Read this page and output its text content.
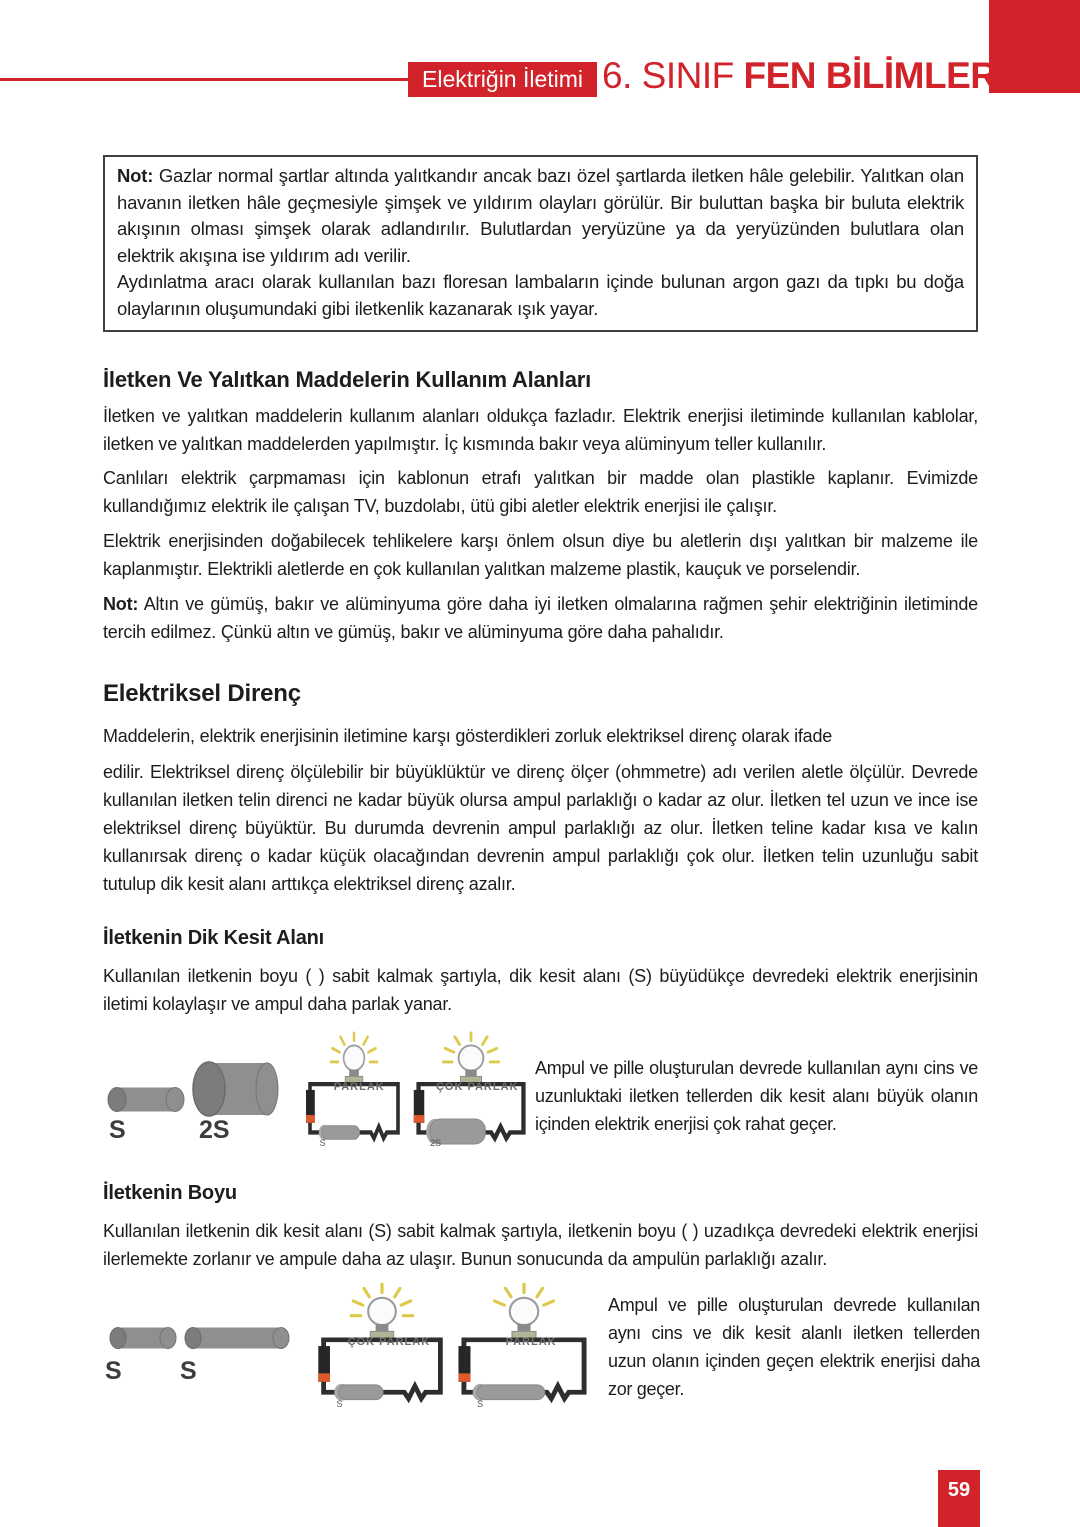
Elektriğin İletimi 6. SINIF FEN BİLİMLERİ

Not: Gazlar normal şartlar altında yalıtkandır ancak bazı özel şartlarda iletken hâle gelebilir. Yalıtkan olan havanın iletken hâle geçmesiyle şimşek ve yıldırım olayları görülür. Bir buluttan başka bir buluta elektrik akışının olması şimşek olarak adlandırılır. Bulutlardan yeryüzüne ya da yeryüzünden bulutlara olan elektrik akışına ise yıldırım adı verilir.

Aydınlatma aracı olarak kullanılan bazı floresan lambaların içinde bulunan argon gazı da tıpkı bu doğa olaylarının oluşumundaki gibi iletkenlik kazanarak ışık yayar.

İletken Ve Yalıtkan Maddelerin Kullanım Alanları

İletken ve yalıtkan maddelerin kullanım alanları oldukça fazladır. Elektrik enerjisi iletiminde kullanılan kablolar, iletken ve yalıtkan maddelerden yapılmıştır. İç kısmında bakır veya alüminyum teller kullanılır.

Canlıları elektrik çarpmaması için kablonun etrafı yalıtkan bir madde olan plastikle kaplanır. Evimizde kullandığımız elektrik ile çalışan TV, buzdolabı, ütü gibi aletler elektrik enerjisi ile çalışır.

Elektrik enerjisinden doğabilecek tehlikelere karşı önlem olsun diye bu aletlerin dışı yalıtkan bir malzeme ile kaplanmıştır. Elektrikli aletlerde en çok kullanılan yalıtkan malzeme plastik, kauçuk ve porselendir.

Not: Altın ve gümüş, bakır ve alüminyuma göre daha iyi iletken olmalarına rağmen şehir elektriğinin iletiminde tercih edilmez. Çünkü altın ve gümüş, bakır ve alüminyuma göre daha pahalıdır.

Elektriksel Direnç

Maddelerin, elektrik enerjisinin iletimine karşı gösterdikleri zorluk elektriksel direnç olarak ifade

edilir. Elektriksel direnç ölçülebilir bir büyüklüktür ve direnç ölçer (ohmmetre) adı verilen aletle ölçülür. Devrede kullanılan iletken telin direnci ne kadar büyük olursa ampul parlaklığı o kadar az olur. İletken tel uzun ve ince ise elektriksel direnç büyüktür. Bu durumda devrenin ampul parlaklığı az olur. İletken teline kadar kısa ve kalın kullanırsak direnç o kadar küçük olacağından devrenin ampul parlaklığı çok olur. İletken telin uzunluğu sabit tutulup dik kesit alanı arttıkça elektriksel direnç azalır.

İletkenin Dik Kesit Alanı

Kullanılan iletkenin boyu ( ) sabit kalmak şartıyla, dik kesit alanı (S) büyüdükçe devredeki elektrik enerjisinin iletimi kolaylaşır ve ampul daha parlak yanar.

S	2S
PARLAK
S
ÇOK PARLAK
2S
Ampul ve pille oluşturulan devrede kullanılan aynı cins ve uzunluktaki iletken tellerden dik kesit alanı büyük olanın içinden elektrik enerjisi çok rahat geçer.
İletkenin Boyu

Kullanılan iletkenin dik kesit alanı (S) sabit kalmak şartıyla, iletkenin boyu ( ) uzadıkça devredeki elektrik enerjisi ilerlemekte zorlanır ve ampule daha az ulaşır. Bunun sonucunda da ampulün parlaklığı azalır.

S S
ÇOK PARLAK
S
PARLAK
S
Ampul ve pille oluşturulan devrede kullanılan aynı cins ve dik kesit alanlı iletken tellerden uzun olanın içinden geçen elektrik enerjisi daha zor geçer.
59
